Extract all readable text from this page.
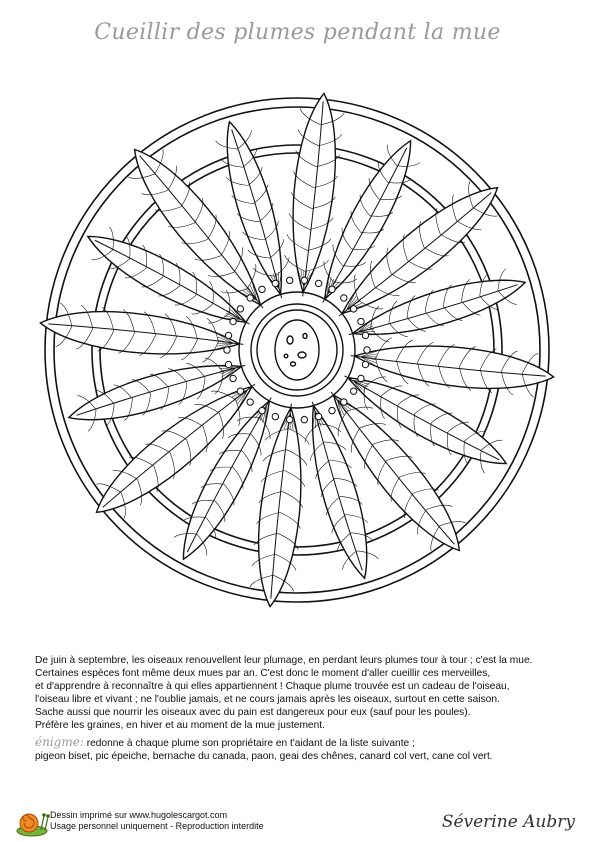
Cueillir des plumes pendant la mue

De juin à septembre, les oiseaux renouvellent leur plumage, en perdant leurs plumes tour à tour ; c'est la mue.

Certaines espèces font même deux mues par an. C'est donc le moment d'aller cueillir ces merveilles,

et d'apprendre à reconnaître à qui elles appartiennent ! Chaque plume trouvée est un cadeau de l'oiseau,

l'oiseau libre et vivant ; ne l'oublie jamais, et ne cours jamais après les oiseaux, surtout en cette saison.

Sache aussi que nourrir les oiseaux avec du pain est dangereux pour eux (sauf pour les poules).

Préfère les graines, en hiver et au moment de la mue justement.

énigme: redonne à chaque plume son propriétaire en t'aidant de la liste suivante ;
pigeon biset, pic épeiche, bernache du canada, paon, geai des chênes, canard col vert, cane col vert.
Dessin imprimé sur www.hugolescargot.com
Usage personnel uniquement - Reproduction interdite	Séverine Aubry
